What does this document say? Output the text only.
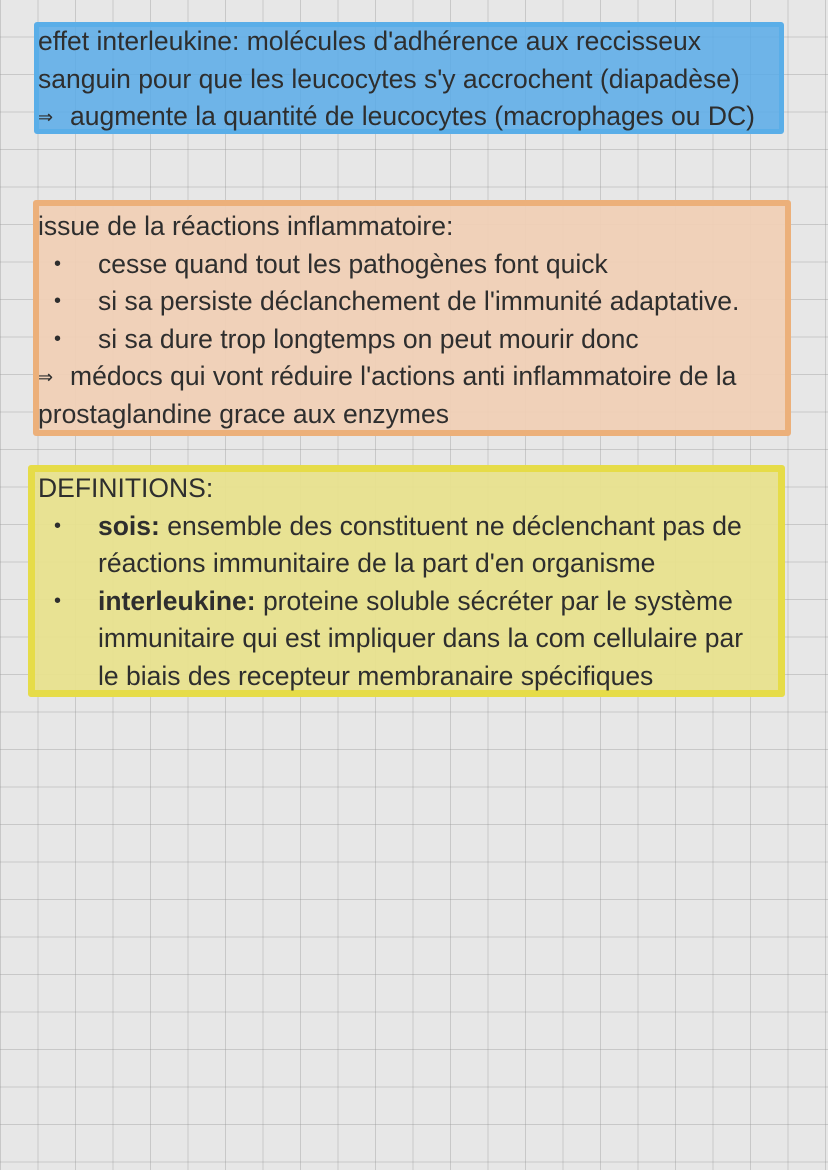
effet interleukine: molécules d'adhérence aux reccisseux
sanguin pour que les leucocytes s'y accrochent (diapadèse)
⇒ augmente la quantité de leucocytes (macrophages ou DC)
issue de la réactions inflammatoire:
• cesse quand tout les pathogènes font quick
• si sa persiste déclanchement de l'immunité adaptative.
• si sa dure trop longtemps on peut mourir donc
⇒ médocs qui vont réduire l'actions anti inflammatoire de la
prostaglandine grace aux enzymes
DEFINITIONS:
• sois: ensemble des constituent ne déclenchant pas de
réactions immunitaire de la part d'en organisme
• interleukine: proteine soluble sécréter par le système
immunitaire qui est impliquer dans la com cellulaire par
le biais des recepteur membranaire spécifiques
